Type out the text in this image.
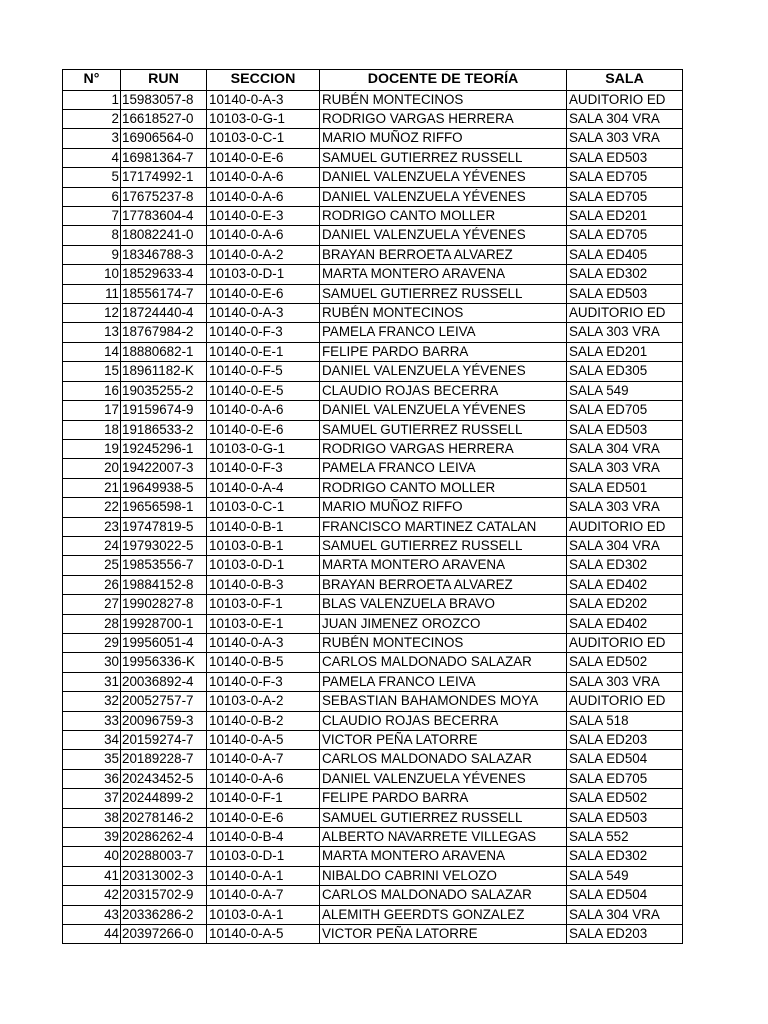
N°	RUN	SECCION	DOCENTE DE TEORÍA	SALA
1	15983057-8	10140-0-A-3	RUBÉN MONTECINOS	AUDITORIO ED
2	16618527-0	10103-0-G-1	RODRIGO VARGAS HERRERA	SALA 304 VRA
3	16906564-0	10103-0-C-1	MARIO MUÑOZ RIFFO	SALA 303 VRA
4	16981364-7	10140-0-E-6	SAMUEL GUTIERREZ RUSSELL	SALA ED503
5	17174992-1	10140-0-A-6	DANIEL VALENZUELA YÉVENES	SALA ED705
6	17675237-8	10140-0-A-6	DANIEL VALENZUELA YÉVENES	SALA ED705
7	17783604-4	10140-0-E-3	RODRIGO CANTO MOLLER	SALA ED201
8	18082241-0	10140-0-A-6	DANIEL VALENZUELA YÉVENES	SALA ED705
9	18346788-3	10140-0-A-2	BRAYAN BERROETA ALVAREZ	SALA ED405
10	18529633-4	10103-0-D-1	MARTA MONTERO ARAVENA	SALA ED302
11	18556174-7	10140-0-E-6	SAMUEL GUTIERREZ RUSSELL	SALA ED503
12	18724440-4	10140-0-A-3	RUBÉN MONTECINOS	AUDITORIO ED
13	18767984-2	10140-0-F-3	PAMELA FRANCO LEIVA	SALA 303 VRA
14	18880682-1	10140-0-E-1	FELIPE PARDO BARRA	SALA ED201
15	18961182-K	10140-0-F-5	DANIEL VALENZUELA YÉVENES	SALA ED305
16	19035255-2	10140-0-E-5	CLAUDIO ROJAS BECERRA	SALA 549
17	19159674-9	10140-0-A-6	DANIEL VALENZUELA YÉVENES	SALA ED705
18	19186533-2	10140-0-E-6	SAMUEL GUTIERREZ RUSSELL	SALA ED503
19	19245296-1	10103-0-G-1	RODRIGO VARGAS HERRERA	SALA 304 VRA
20	19422007-3	10140-0-F-3	PAMELA FRANCO LEIVA	SALA 303 VRA
21	19649938-5	10140-0-A-4	RODRIGO CANTO MOLLER	SALA ED501
22	19656598-1	10103-0-C-1	MARIO MUÑOZ RIFFO	SALA 303 VRA
23	19747819-5	10140-0-B-1	FRANCISCO MARTINEZ CATALAN	AUDITORIO ED
24	19793022-5	10103-0-B-1	SAMUEL GUTIERREZ RUSSELL	SALA 304 VRA
25	19853556-7	10103-0-D-1	MARTA MONTERO ARAVENA	SALA ED302
26	19884152-8	10140-0-B-3	BRAYAN BERROETA ALVAREZ	SALA ED402
27	19902827-8	10103-0-F-1	BLAS VALENZUELA BRAVO	SALA ED202
28	19928700-1	10103-0-E-1	JUAN JIMENEZ OROZCO	SALA ED402
29	19956051-4	10140-0-A-3	RUBÉN MONTECINOS	AUDITORIO ED
30	19956336-K	10140-0-B-5	CARLOS MALDONADO SALAZAR	SALA ED502
31	20036892-4	10140-0-F-3	PAMELA FRANCO LEIVA	SALA 303 VRA
32	20052757-7	10103-0-A-2	SEBASTIAN BAHAMONDES MOYA	AUDITORIO ED
33	20096759-3	10140-0-B-2	CLAUDIO ROJAS BECERRA	SALA 518
34	20159274-7	10140-0-A-5	VICTOR PEÑA LATORRE	SALA ED203
35	20189228-7	10140-0-A-7	CARLOS MALDONADO SALAZAR	SALA ED504
36	20243452-5	10140-0-A-6	DANIEL VALENZUELA YÉVENES	SALA ED705
37	20244899-2	10140-0-F-1	FELIPE PARDO BARRA	SALA ED502
38	20278146-2	10140-0-E-6	SAMUEL GUTIERREZ RUSSELL	SALA ED503
39	20286262-4	10140-0-B-4	ALBERTO NAVARRETE VILLEGAS	SALA 552
40	20288003-7	10103-0-D-1	MARTA MONTERO ARAVENA	SALA ED302
41	20313002-3	10140-0-A-1	NIBALDO CABRINI VELOZO	SALA 549
42	20315702-9	10140-0-A-7	CARLOS MALDONADO SALAZAR	SALA ED504
43	20336286-2	10103-0-A-1	ALEMITH GEERDTS GONZALEZ	SALA 304 VRA
44	20397266-0	10140-0-A-5	VICTOR PEÑA LATORRE	SALA ED203
